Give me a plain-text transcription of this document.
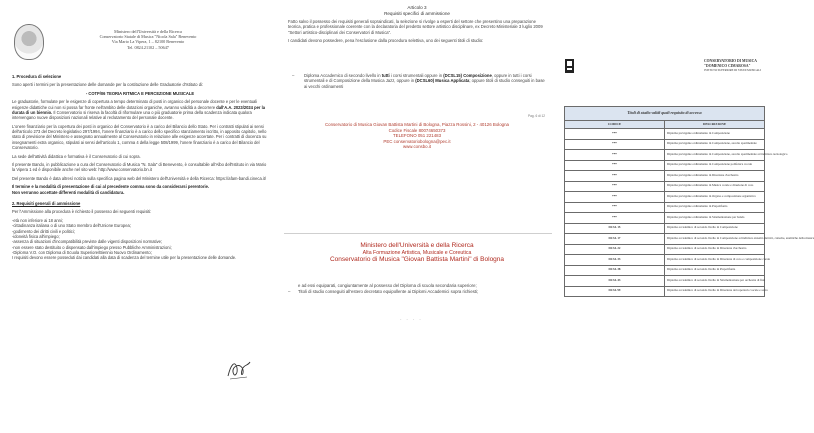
Ministero dell'Università e della Ricerca
Conservatorio Statale di Musica "Nicola Sala" Benevento
Via Mario La Vipera, 1 – 82100 Benevento
Tel. 0824.21102 – 50647
1. Procedura di selezione
Sono aperti i termini per la presentazione delle domande per la costituzione delle Graduatorie d'Istituto di:
- COTP/06 TEORIA RITMICA E PERCEZIONE MUSICALE
Le graduatorie, formulate per le esigenze di copertura a tempo determinato di posti in organico del personale docente e per le eventuali esigenze didattiche cui non si possa far fronte nell'ambito delle dotazioni organiche, avranno validità a decorrere dall'A.A. 2023/2024 per la durata di un biennio. Il Conservatorio si riserva la facoltà di riformulare una o più graduatorie prima della scadenza indicata qualora intervengano nuove disposizioni nazionali relative al reclutamento del personale docente.
L'onere finanziario per la copertura dei posti in organico del Conservatorio è a carico del Bilancio dello Stato. Per i contratti stipulati ai sensi dell'articolo 273 del Decreto legislativo 297/1994, l'onere finanziario è a carico dello specifico stanziamento iscritto, in apposito capitolo, nello stato di previsione del Ministero e assegnato annualmente al Conservatorio in relazione alle esigenze accertate. Per i contratti di docenza su insegnamenti extra organico, stipulati ai sensi dell'articolo 1, comma 4 della legge 508/1999, l'onere finanziario è a carico del Bilancio del Conservatorio.
La sede dell'attività didattica e formativa è il Conservatorio di cui sopra.
Il presente Bando, in pubblicazione a cura del Conservatorio di Musica "N. Sala" di Benevento, è consultabile all'Albo dell'Istituto in via Mario la Vipera 1 ed è disponibile anche nel sito web: http://www.conservatorio.bn.it
Del presente Bando è data altresì notizia sulla specifica pagina web del Ministero dell'Università e della Ricerca: https://afam-bandi.cineca.it/
Il termine e la modalità di presentazione di cui al precedente comma sono da considerarsi perentorie.
Non verranno accettate differenti modalità di candidatura.
2. Requisiti generali di ammissione
Per l'Ammissione alla procedura è richiesto il possesso dei seguenti requisiti:
-età non inferiore ai 18 anni;
-cittadinanza italiana o di uno Stato membro dell'Unione Europea;
-godimento dei diritti civili e politici;
-idoneità fisica all'impiego;
-assenza di situazioni d'incompatibilità previste dalle vigenti disposizioni normative;
-non essere stato destituito o dispensato dall'impiego presso Pubbliche Amministrazioni;
-Diploma V.O. con Diploma di Scuola Superiore/Biennio Nuovo Ordinamento;
I requisiti devono essere posseduti dai candidati alla data di scadenza del termine utile per la presentazione delle domande.
Articolo 3
Requisiti specifici di ammissione
Fatto salvo il possesso dei requisiti generali sopraindicati, la selezione si rivolge a esperti del settore che presentino una preparazione teorica, pratica e professionale coerente con la declaratoria del predetto settore artistico disciplinare, ex Decreto Ministeriale 3 luglio 2009 "Settori artistico-disciplinari dei Conservatori di Musica".
I candidati devono possedere, pena l'esclusione dalla procedura selettiva, uno dei seguenti titoli di studio:
– Diploma Accademico di secondo livello in tutti i corsi strumentali oppure in (DCSL15) Composizione, oppure in tutti i corsi strumentali e di Composizione della Musica Jazz, oppure in (DCSL60) Musica Applicata; oppure titoli di studio conseguiti in base ai vecchi ordinamenti
Pag. 6 di 12
Conservatorio di Musica Giovan Battista Martini di Bologna, Piazza Rossini, 2 - 40126 Bologna
Codice Fiscale 80074650373
TELEFONO 051 221483
PEC conservatoriobologna@pec.it
www.consbo.it
Ministero dell'Università e della Ricerca
Alta Formazione Artistica, Musicale e Coreutica
Conservatorio di Musica "Giovan Battista Martini" di Bologna
e ad essi equiparati, congiuntamente al possesso del Diploma di scuola secondaria superiore;
– Titoli di studio conseguiti all'estero decretato equipollente ai Diplomi Accademici sopra richiesti;
- - - -
CONSERVATORIO DI MUSICA
"DOMENICO CIMAROSA"
ISTITUTO SUPERIORE DI STUDI MUSICALI
Titoli di studio validi quali requisito di accesso	
CODICE	DESCRIZIONE
***	Diploma previgente ordinamento in Composizione
***	Diploma previgente ordinamento in Composizione, ascolto sperimentale
***	Diploma previgente ordinamento in Composizione, ascolto sperimentale ad indirizzo tecnologico
***	Diploma previgente ordinamento in Composizione polifonica vocale
***	Diploma previgente ordinamento in Direzione d'orchestra
***	Diploma previgente ordinamento in Musica corale e direzione di coro
***	Diploma previgente ordinamento in Organo e composizione organistica
***	Diploma previgente ordinamento in Prepolifonia
***	Diploma previgente ordinamento in Strumentazione per banda
DCSL 15	Diploma accademico di secondo livello in Composizione
DCSL 17	Diploma accademico di secondo livello in Composizione ad indirizzo sistemi elettrici, cattedre, analitiche della musica
DCSL 22	Diploma accademico di secondo livello in Direzione d'orchestra
DCSL 33	Diploma accademico di secondo livello in Direzione di coro e composizione corale
DCSL 38	Diploma accademico di secondo livello in Prepolifonia
DCSL 43	Diploma accademico di secondo livello in Strumentazione per orchestra di fiati
DCSL 99	Diploma accademico di secondo livello in Direzione del repertorio vocale e sacro
